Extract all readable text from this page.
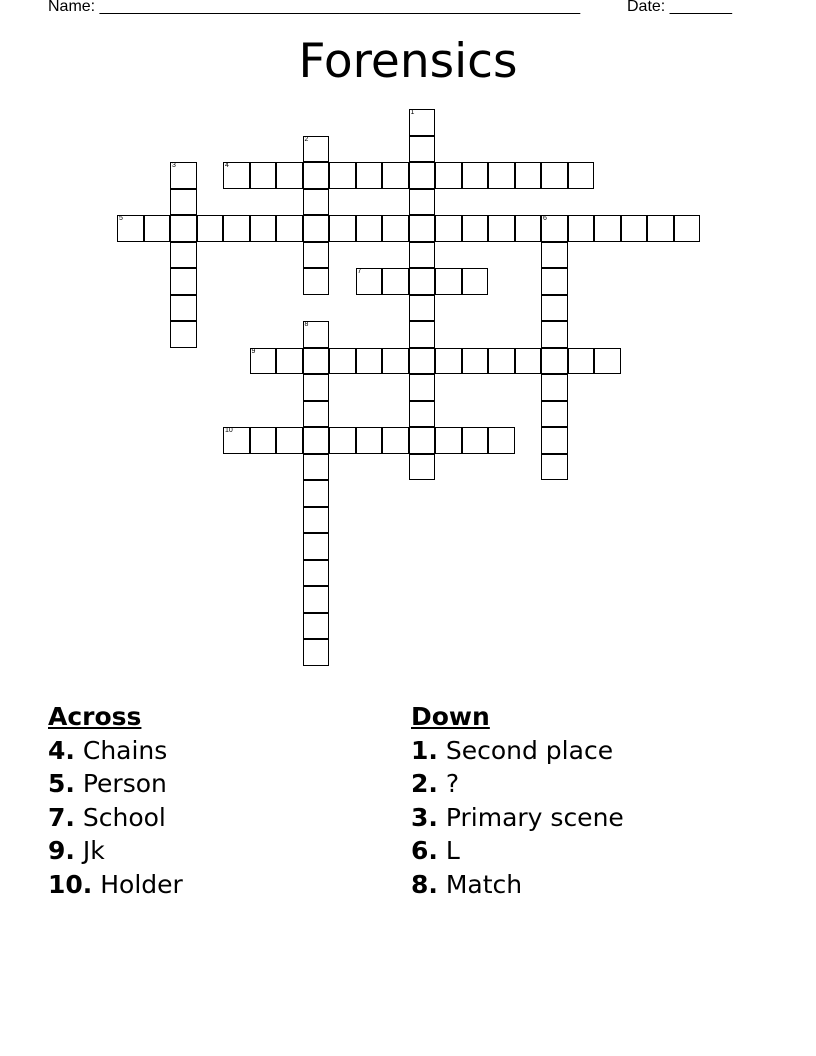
Name: ______________________________________________________	Date: _______
Forensics
1
2
3	4
5	6
7
8
9
10
Across
4. Chains
5. Person
7. School
9. Jk
10. Holder
Down
1. Second place
2. ?
3. Primary scene
6. L
8. Match
